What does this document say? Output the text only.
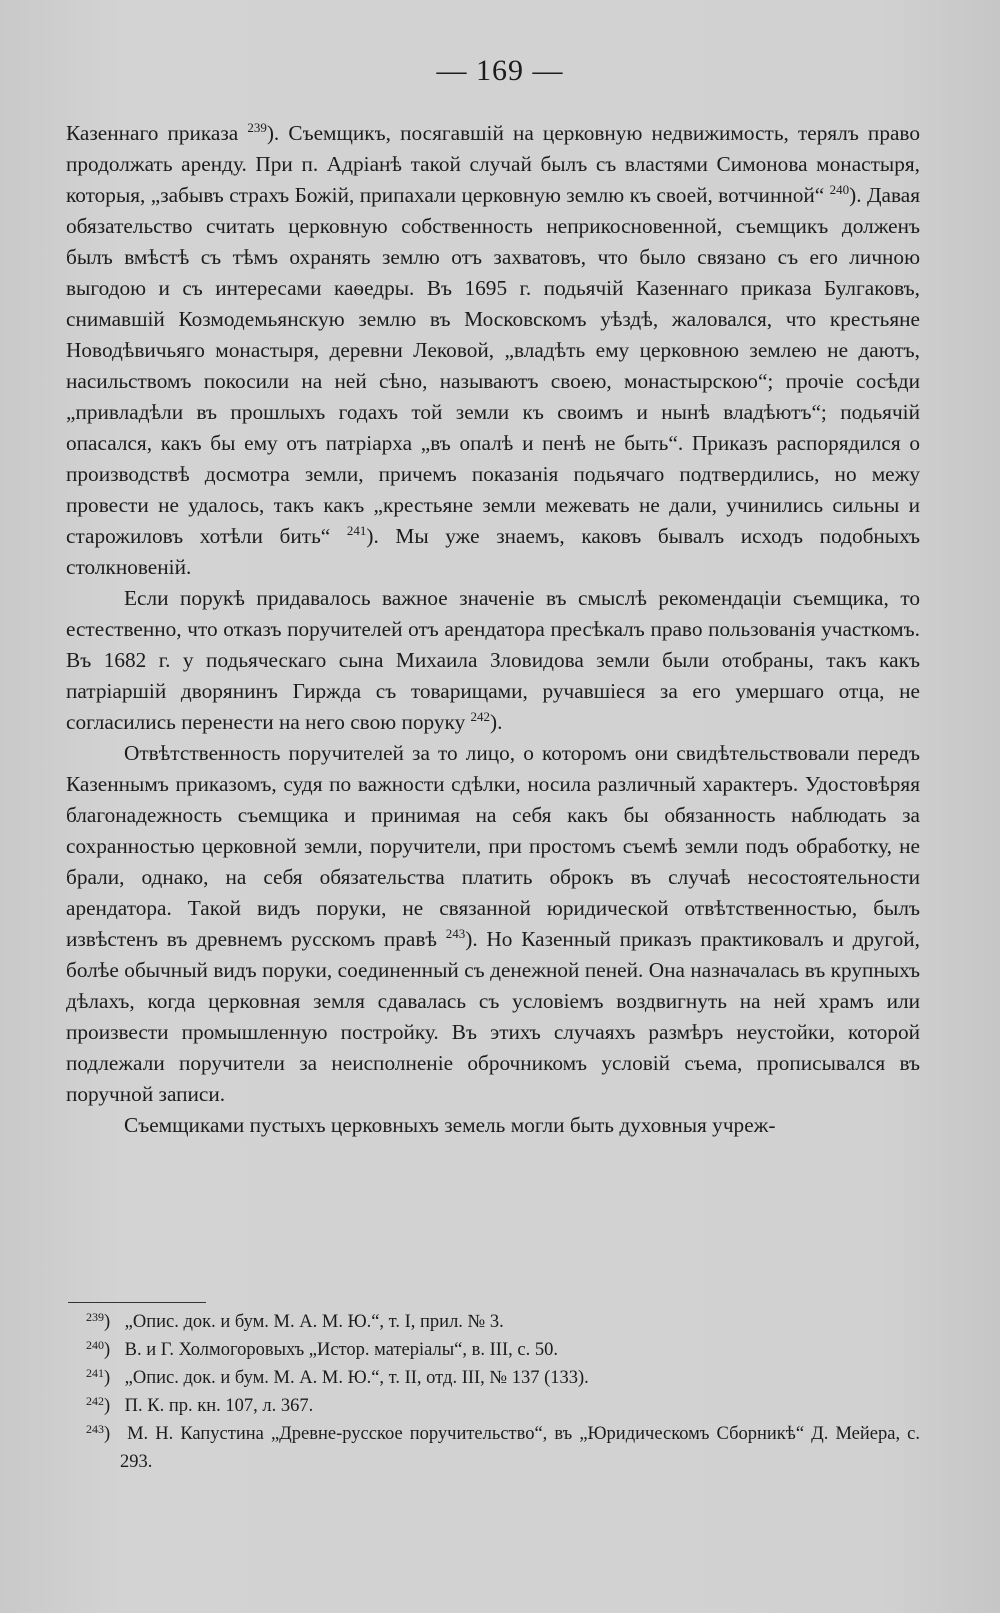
— 169 —

Казеннаго приказа $^{239}$). Съемщикъ, посягавшій на церковную недвижимость, терялъ право продолжать аренду. При п. Адріанѣ такой случай былъ съ властями Симонова монастыря, которыя, „забывъ страхъ Божій, припахали церковную землю къ своей, вотчинной“ $^{240}$). Давая обязательство считать церковную собственность неприкосновенной, съемщикъ долженъ былъ вмѣстѣ съ тѣмъ охранять землю отъ захватовъ, что было связано съ его личною выгодою и съ интересами каѳедры. Въ 1695 г. подьячій Казеннаго приказа Булгаковъ, снимавшій Козмодемьянскую землю въ Московскомъ уѣздѣ, жаловался, что крестьяне Новодѣвичьяго монастыря, деревни Лековой, „владѣть ему церковною землею не даютъ, насильствомъ покосили на ней сѣно, называютъ своею, монастырскою“; прочіе сосѣди „привладѣли въ прошлыхъ годахъ той земли къ своимъ и нынѣ владѣютъ“; подьячій опасался, какъ бы ему отъ патріарха „въ опалѣ и пенѣ не быть“. Приказъ распорядился о производствѣ досмотра земли, причемъ показанія подьячаго подтвердились, но межу провести не удалось, такъ какъ „крестьяне земли межевать не дали, учинились сильны и старожиловъ хотѣли бить“ $^{241}$). Мы уже знаемъ, каковъ бывалъ исходъ подобныхъ столкновеній.

Если порукѣ придавалось важное значеніе въ смыслѣ рекомендаціи съемщика, то естественно, что отказъ поручителей отъ арендатора пресѣкалъ право пользованія участкомъ. Въ 1682 г. у подьяческаго сына Михаила Зловидова земли были отобраны, такъ какъ патріаршій дворянинъ Гирждa съ товарищами, ручавшіеся за его умершаго отца, не согласились перенести на него свою поруку $^{242}$).

Отвѣтственность поручителей за то лицо, о которомъ они свидѣтельствовали передъ Казеннымъ приказомъ, судя по важности сдѣлки, носила различный характеръ. Удостовѣряя благонадежность съемщика и принимая на себя какъ бы обязанность наблюдать за сохранностью церковной земли, поручители, при простомъ съемѣ земли подъ обработку, не брали, однако, на себя обязательства платить оброкъ въ случаѣ несостоятельности арендатора. Такой видъ поруки, не связанной юридической отвѣтственностью, былъ извѣстенъ въ древнемъ русскомъ правѣ $^{243}$). Но Казенный приказъ практиковалъ и другой, болѣе обычный видъ поруки, соединенный съ денежной пеней. Она назначалась въ крупныхъ дѣлахъ, когда церковная земля сдавалась съ условіемъ воздвигнуть на ней храмъ или произвести промышленную постройку. Въ этихъ случаяхъ размѣръ неустойки, которой подлежали поручители за неисполненіе оброчникомъ условій съема, прописывался въ поручной записи.

Съемщиками пустыхъ церковныхъ земель могли быть духовныя учреж-

$^{239}$) „Опис. док. и бум. М. А. М. Ю.“, т. I, прил. № 3.

$^{240}$) В. и Г. Холмогоровыхъ „Истор. матеріалы“, в. III, с. 50.

$^{241}$) „Опис. док. и бум. М. А. М. Ю.“, т. II, отд. III, № 137 (133).

$^{242}$) П. К. пр. кн. 107, л. 367.

$^{243}$) М. Н. Капустина „Древне-русское поручительство“, въ „Юридическомъ Сборникѣ“ Д. Мейера, с. 293.
